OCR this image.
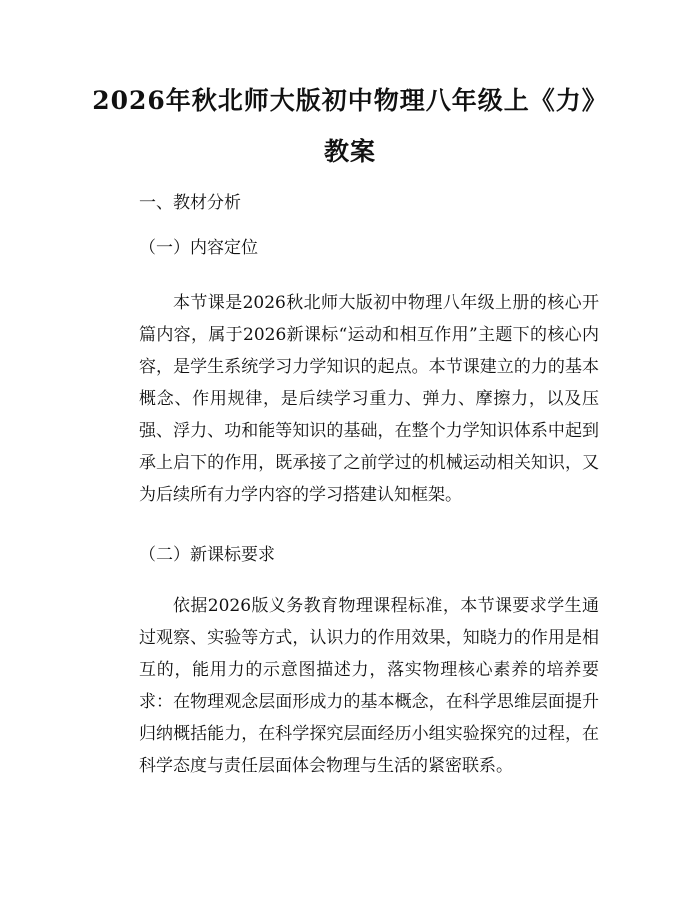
2026年秋北师大版初中物理八年级上《力》
教案
一、教材分析
（一）内容定位
本节课是2026秋北师大版初中物理八年级上册的核心开篇内容，属于2026新课标“运动和相互作用”主题下的核心内容，是学生系统学习力学知识的起点。本节课建立的力的基本概念、作用规律，是后续学习重力、弹力、摩擦力，以及压强、浮力、功和能等知识的基础，在整个力学知识体系中起到承上启下的作用，既承接了之前学过的机械运动相关知识，又为后续所有力学内容的学习搭建认知框架。
（二）新课标要求
依据2026版义务教育物理课程标准，本节课要求学生通过观察、实验等方式，认识力的作用效果，知晓力的作用是相互的，能用力的示意图描述力，落实物理核心素养的培养要求：在物理观念层面形成力的基本概念，在科学思维层面提升归纳概括能力，在科学探究层面经历小组实验探究的过程，在科学态度与责任层面体会物理与生活的紧密联系。
